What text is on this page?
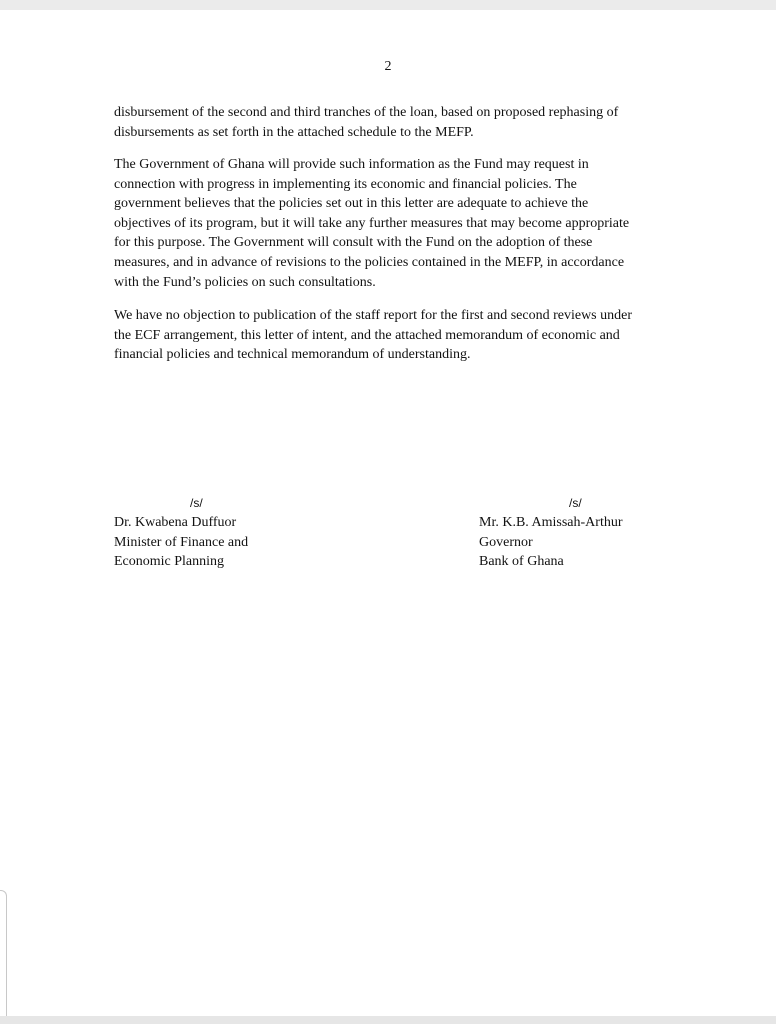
2

disbursement of the second and third tranches of the loan, based on proposed rephasing of
disbursements as set forth in the attached schedule to the MEFP.

The Government of Ghana will provide such information as the Fund may request in
connection with progress in implementing its economic and financial policies. The
government believes that the policies set out in this letter are adequate to achieve the
objectives of its program, but it will take any further measures that may become appropriate
for this purpose. The Government will consult with the Fund on the adoption of these
measures, and in advance of revisions to the policies contained in the MEFP, in accordance
with the Fund’s policies on such consultations.

We have no objection to publication of the staff report for the first and second reviews under
the ECF arrangement, this letter of intent, and the attached memorandum of economic and
financial policies and technical memorandum of understanding.

/s/
Dr. Kwabena Duffuor
Minister of Finance and
Economic Planning
/s/
Mr. K.B. Amissah-Arthur
Governor
Bank of Ghana
